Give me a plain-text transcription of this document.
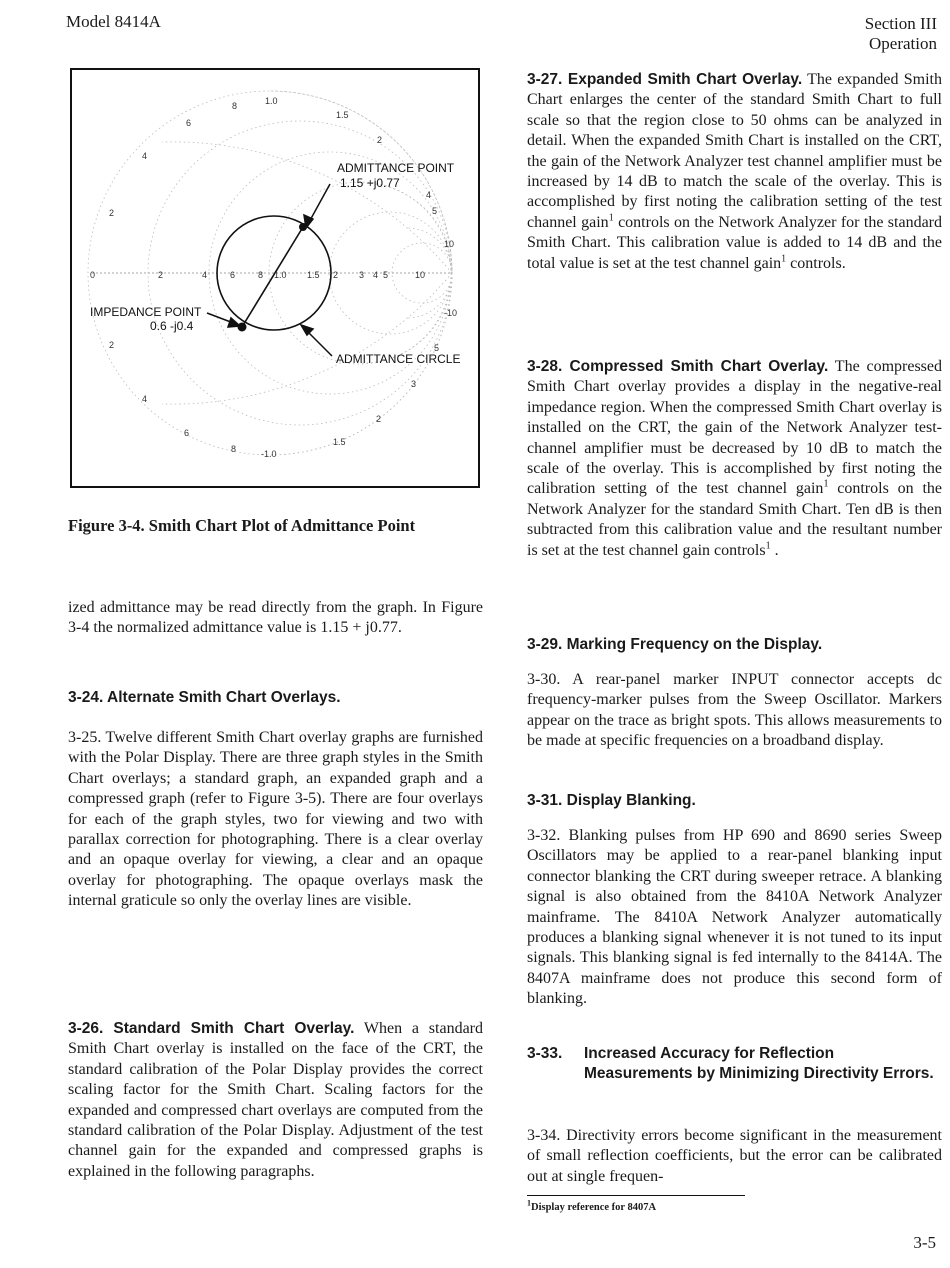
Model 8414A	Section III
Operation
ADMITTANCE POINT
1.15 +j0.77
IMPEDANCE POINT
0.6 -j0.4
ADMITTANCE CIRCLE
0	2	4	6	8 1.0 1.5 2 3 4 5	10
2
4
6
8	1.0
1.5
2
4
5
10
2
4
6
8	-1.0
1.5
2
3
5
-10
Figure 3-4. Smith Chart Plot of Admittance Point
ized admittance may be read directly from the graph. In Figure 3-4 the normalized admittance value is 1.15 + j0.77.
3-24. Alternate Smith Chart Overlays.
3-25. Twelve different Smith Chart overlay graphs are furnished with the Polar Display. There are three graph styles in the Smith Chart overlays; a standard graph, an expanded graph and a compressed graph (refer to Figure 3-5). There are four overlays for each of the graph styles, two for viewing and two with parallax correction for photographing. There is a clear overlay and an opaque overlay for viewing, a clear and an opaque overlay for photographing. The opaque overlays mask the internal graticule so only the overlay lines are visible.
3-26. Standard Smith Chart Overlay. When a standard Smith Chart overlay is installed on the face of the CRT, the standard calibration of the Polar Display provides the correct scaling factor for the Smith Chart. Scaling factors for the expanded and compressed chart overlays are computed from the standard calibration of the Polar Display. Adjustment of the test channel gain for the expanded and compressed graphs is explained in the following paragraphs.
3-27. Expanded Smith Chart Overlay. The expanded Smith Chart enlarges the center of the standard Smith Chart to full scale so that the region close to 50 ohms can be analyzed in detail. When the expanded Smith Chart is installed on the CRT, the gain of the Network Analyzer test channel amplifier must be increased by 14 dB to match the scale of the overlay. This is accomplished by first noting the calibration setting of the test channel gain$^1$ controls on the Network Analyzer for the standard Smith Chart. This calibration value is added to 14 dB and the total value is set at the test channel gain$^1$ controls.
3-28. Compressed Smith Chart Overlay. The compressed Smith Chart overlay provides a display in the negative-real impedance region. When the compressed Smith Chart overlay is installed on the CRT, the gain of the Network Analyzer test-channel amplifier must be decreased by 10 dB to match the scale of the overlay. This is accomplished by first noting the calibration setting of the test channel gain$^1$ controls on the Network Analyzer for the standard Smith Chart. Ten dB is then subtracted from this calibration value and the resultant number is set at the test channel gain controls$^1$ .
3-29. Marking Frequency on the Display.
3-30. A rear-panel marker INPUT connector accepts dc frequency-marker pulses from the Sweep Oscillator. Markers appear on the trace as bright spots. This allows measurements to be made at specific frequencies on a broadband display.
3-31. Display Blanking.
3-32. Blanking pulses from HP 690 and 8690 series Sweep Oscillators may be applied to a rear-panel blanking input connector blanking the CRT during sweeper retrace. A blanking signal is also obtained from the 8410A Network Analyzer mainframe. The 8410A Network Analyzer automatically produces a blanking signal whenever it is not tuned to its input signals. This blanking signal is fed internally to the 8414A. The 8407A mainframe does not produce this second form of blanking.
3-33.	Increased Accuracy for Reflection Measurements by Minimizing Directivity Errors.
3-34. Directivity errors become significant in the measurement of small reflection coefficients, but the error can be calibrated out at single frequen-
$^1$Display reference for 8407A
3-5
